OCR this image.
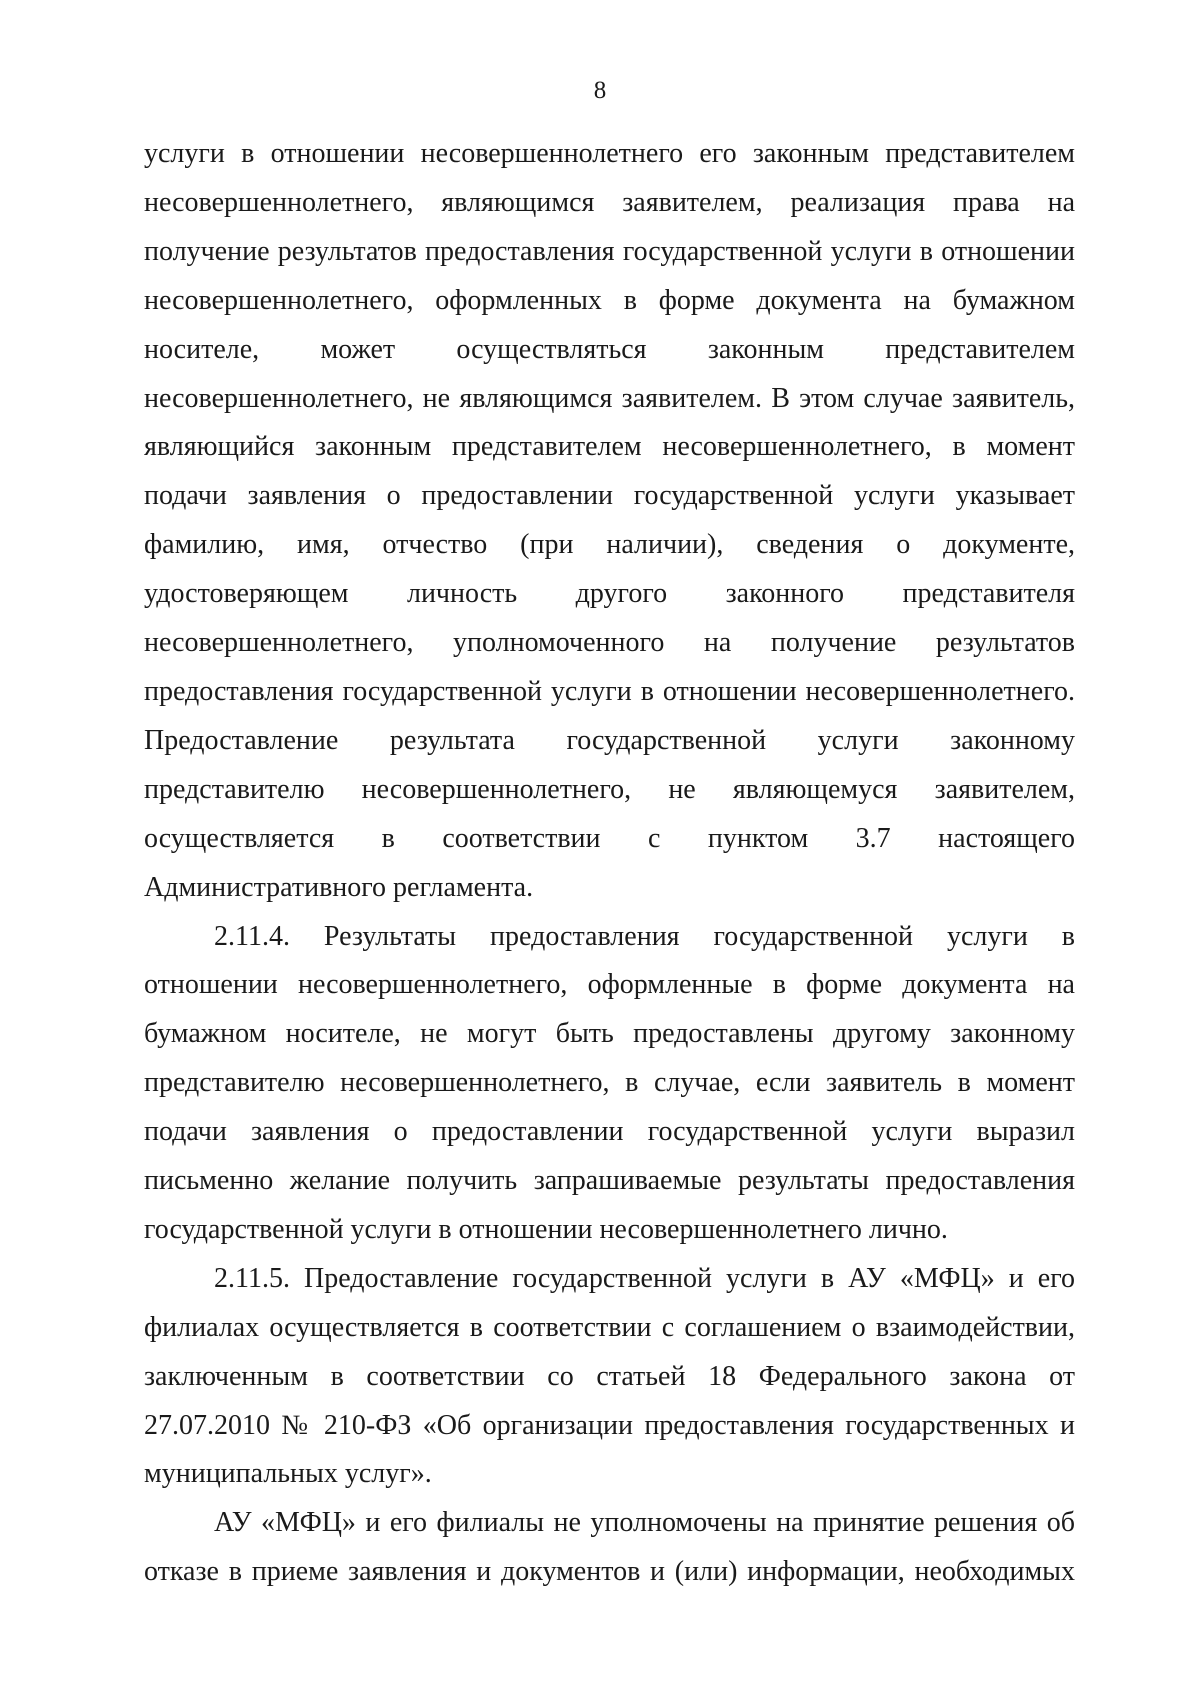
8

услуги в отношении несовершеннолетнего его законным представителем
несовершеннолетнего, являющимся заявителем, реализация права на
получение результатов предоставления государственной услуги в отношении
несовершеннолетнего, оформленных в форме документа на бумажном
носителе, может осуществляться законным представителем
несовершеннолетнего, не являющимся заявителем. В этом случае заявитель,
являющийся законным представителем несовершеннолетнего, в момент
подачи заявления о предоставлении государственной услуги указывает
фамилию, имя, отчество (при наличии), сведения о документе,
удостоверяющем личность другого законного представителя
несовершеннолетнего, уполномоченного на получение результатов
предоставления государственной услуги в отношении несовершеннолетнего.
Предоставление результата государственной услуги законному
представителю несовершеннолетнего, не являющемуся заявителем,
осуществляется в соответствии с пунктом 3.7 настоящего
Административного регламента.

2.11.4. Результаты предоставления государственной услуги в
отношении несовершеннолетнего, оформленные в форме документа на
бумажном носителе, не могут быть предоставлены другому законному
представителю несовершеннолетнего, в случае, если заявитель в момент
подачи заявления о предоставлении государственной услуги выразил
письменно желание получить запрашиваемые результаты предоставления
государственной услуги в отношении несовершеннолетнего лично.

2.11.5. Предоставление государственной услуги в АУ «МФЦ» и его
филиалах осуществляется в соответствии с соглашением о взаимодействии,
заключенным в соответствии со статьей 18 Федерального закона от
27.07.2010 № 210-ФЗ «Об организации предоставления государственных и
муниципальных услуг».

АУ «МФЦ» и его филиалы не уполномочены на принятие решения об
отказе в приеме заявления и документов и (или) информации, необходимых
